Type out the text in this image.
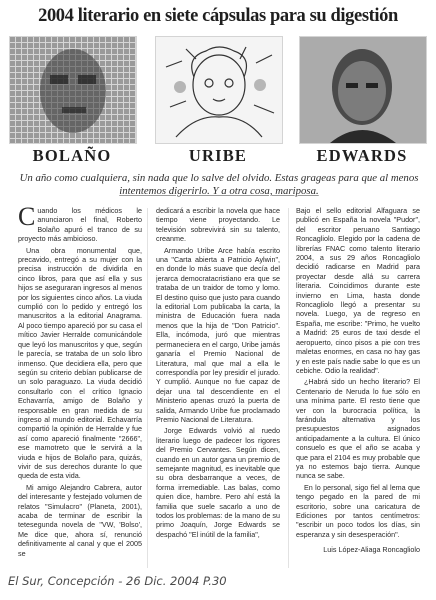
2004 literario en siete cápsulas para su digestión
BOLAÑO	URIBE	EDWARDS
Un año como cualquiera, sin nada que lo salve del olvido. Estas grageas para que al menos
intentemos digerirlo. Y a otra cosa, mariposa.

Cuando los médicos le anunciaron el final, Roberto Bolaño apuró el tranco de su proyecto más ambicioso.

Una obra monumental que, precavido, entregó a su mujer con la precisa instrucción de dividirla en cinco libros, para que así ella y sus hijos se aseguraran ingresos al menos por los siguientes cinco años. La viuda cumplió con lo pedido y entregó los manuscritos a la editorial Anagrama. Al poco tiempo apareció por su casa el mítico Javier Herralde comunicándole que leyó los manuscritos y que, según le parecía, se trataba de un solo libro inmenso. Que decidiera ella, pero que según su criterio debían publicarse de un solo paraguazo. La viuda decidió consultarlo con el crítico Ignacio Echavarría, amigo de Bolaño y responsable en gran medida de su ingreso al mundo editorial. Echavarría compartió la opinión de Herralde y fue así como apareció finalmente "2666", ese mamotreto que le servirá a la viuda e hijos de Bolaño para, quizás, vivir de sus derechos durante lo que queda de esta vida.

Mi amigo Alejandro Cabrera, autor del interesante y festejado volumen de relatos "Simulacro" (Planeta, 2001), acaba de terminar de escribir la tetesegunda novela de "VW, 'Bolso', Me dice que, ahora sí, renunció definitivamente al canal y que el 2005 se

dedicará a escribir la novela que hace tiempo viene proyectando. Le televisión sobrevivirá sin su talento, creanme.

Armando Uribe Arce había escrito una "Carta abierta a Patricio Aylwin", en donde lo más suave que decía del jerarca democratacristiano era que se trataba de un traidor de tomo y lomo. El destino quiso que justo para cuando la editorial Lom publicaba la carta, la ministra de Educación fuera nada menos que la hija de "Don Patricio". Ella, incómoda, juró que mientras permaneciera en el cargo, Uribe jamás ganaría el Premio Nacional de Literatura, mal que mal a ella le correspondía por ley presidir el jurado. Y cumplió. Aunque no fue capaz de dejar una tal descendiente en el Ministerio apenas cruzó la puerta de salida, Armando Uribe fue proclamado Premio Nacional de Literatura.

Jorge Edwards volvió al ruedo literario luego de padecer los rigores del Premio Cervantes. Según dicen, cuando en un autor gana un premio de semejante magnitud, es inevitable que su obra desbarranque a veces, de forma irremediable. Las balas, como quien dice, hambre. Pero ahí está la familia que suele sacarlo a uno de todos los problemas: de la mano de su primo Joaquín, Jorge Edwards se despachó "El inútil de la familia",

Bajo el sello editorial Alfaguara se publicó en España la novela "Pudor", del escritor peruano Santiago Roncagliolo. Elegido por la cadena de librerías FNAC como talento literario 2004, a sus 29 años Roncagliolo decidió radicarse en Madrid para proyectar desde allá su carrera literaria. Coincidimos durante este invierno en Lima, hasta donde Roncagliolo llegó a presentar su novela. Luego, ya de regreso en España, me escribe: "Primo, he vuelto a Madrid: 25 euros de taxi desde el aeropuerto, cinco pisos a pie con tres maletas enormes, en casa no hay gas y en este país nadie sabe lo que es un cebiche. Odio la realidad".

¿Habrá sido un hecho literario? El Centenario de Neruda lo fue sólo en una mínima parte. El resto tiene que ver con la burocracia política, la farándula alternativa y los presupuestos asignados anticipadamente a la cultura. El único consuelo es que el año se acaba y que para el 2104 es muy probable que ya no estemos bajo tierra. Aunque nunca se sabe.

En lo personal, sigo fiel al lema que tengo pegado en la pared de mi escritorio, sobre una caricatura de Ediciones por tantos centímetros: "escribir un poco todos los días, sin esperanza y sin desesperación".

Luis López-Aliaga Roncagliolo

El Sur, Concepción - 26 Dic. 2004 P.30
